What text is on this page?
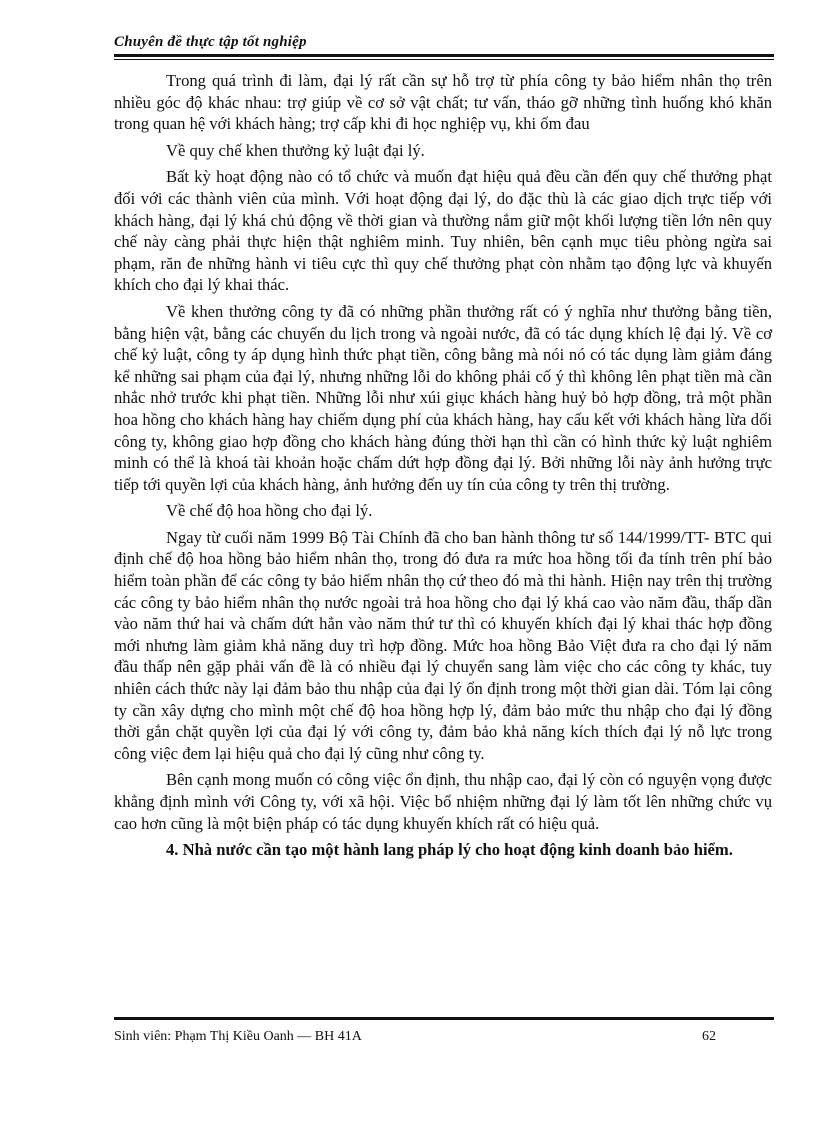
Chuyên đề thực tập tốt nghiệp

Trong quá trình đi làm, đại lý rất cần sự hỗ trợ từ phía công ty bảo hiểm nhân thọ trên nhiều góc độ khác nhau: trợ giúp về cơ sở vật chất; tư vấn, tháo gỡ những tình huống khó khăn trong quan hệ với khách hàng; trợ cấp khi đi học nghiệp vụ, khi ốm đau

Về quy chế khen thưởng kỷ luật đại lý.

Bất kỳ hoạt động nào có tổ chức và muốn đạt hiệu quả đều cần đến quy chế thưởng phạt đối với các thành viên của mình. Với hoạt động đại lý, do đặc thù là các giao dịch trực tiếp với khách hàng, đại lý khá chủ động về thời gian và thường nắm giữ một khối lượng tiền lớn nên quy chế này càng phải thực hiện thật nghiêm minh. Tuy nhiên, bên cạnh mục tiêu phòng ngừa sai phạm, răn đe những hành vi tiêu cực thì quy chế thưởng phạt còn nhằm tạo động lực và khuyến khích cho đại lý khai thác.

Về khen thưởng công ty đã có những phần thưởng rất có ý nghĩa như thưởng bằng tiền, bằng hiện vật, bằng các chuyến du lịch trong và ngoài nước, đã có tác dụng khích lệ đại lý. Về cơ chế kỷ luật, công ty áp dụng hình thức phạt tiền, công bằng mà nói nó có tác dụng làm giảm đáng kể những sai phạm của đại lý, nhưng những lỗi do không phải cố ý thì không lên phạt tiền mà cần nhắc nhở trước khi phạt tiền. Những lỗi như xúi giục khách hàng huỷ bỏ hợp đồng, trả một phần hoa hồng cho khách hàng hay chiếm dụng phí của khách hàng, hay cấu kết với khách hàng lừa dối công ty, không giao hợp đồng cho khách hàng đúng thời hạn thì cần có hình thức kỷ luật nghiêm minh có thể là khoá tài khoản hoặc chấm dứt hợp đồng đại lý. Bởi những lỗi này ảnh hưởng trực tiếp tới quyền lợi của khách hàng, ảnh hưởng đến uy tín của công ty trên thị trường.

Về chế độ hoa hồng cho đại lý.

Ngay từ cuối năm 1999 Bộ Tài Chính đã cho ban hành thông tư số 144/1999/TT- BTC qui định chế độ hoa hồng bảo hiểm nhân thọ, trong đó đưa ra mức hoa hồng tối đa tính trên phí bảo hiểm toàn phần để các công ty bảo hiểm nhân thọ cứ theo đó mà thi hành. Hiện nay trên thị trường các công ty bảo hiểm nhân thọ nước ngoài trả hoa hồng cho đại lý khá cao vào năm đầu, thấp dần vào năm thứ hai và chấm dứt hẳn vào năm thứ tư thì có khuyến khích đại lý khai thác hợp đồng mới nhưng làm giảm khả năng duy trì hợp đồng. Mức hoa hồng Bảo Việt đưa ra cho đại lý năm đầu thấp nên gặp phải vấn đề là có nhiều đại lý chuyển sang làm việc cho các công ty khác, tuy nhiên cách thức này lại đảm bảo thu nhập của đại lý ổn định trong một thời gian dài. Tóm lại công ty cần xây dựng cho mình một chế độ hoa hồng hợp lý, đảm bảo mức thu nhập cho đại lý đồng thời gắn chặt quyền lợi của đại lý với công ty, đảm bảo khả năng kích thích đại lý nỗ lực trong công việc đem lại hiệu quả cho đại lý cũng như công ty.

Bên cạnh mong muốn có công việc ổn định, thu nhập cao, đại lý còn có nguyện vọng được khẳng định mình với Công ty, với xã hội. Việc bổ nhiệm những đại lý làm tốt lên những chức vụ cao hơn cũng là một biện pháp có tác dụng khuyến khích rất có hiệu quả.

4. Nhà nước cần tạo một hành lang pháp lý cho hoạt động kinh doanh bảo hiểm.

Sinh viên: Phạm Thị Kiều Oanh — BH 41A	62
